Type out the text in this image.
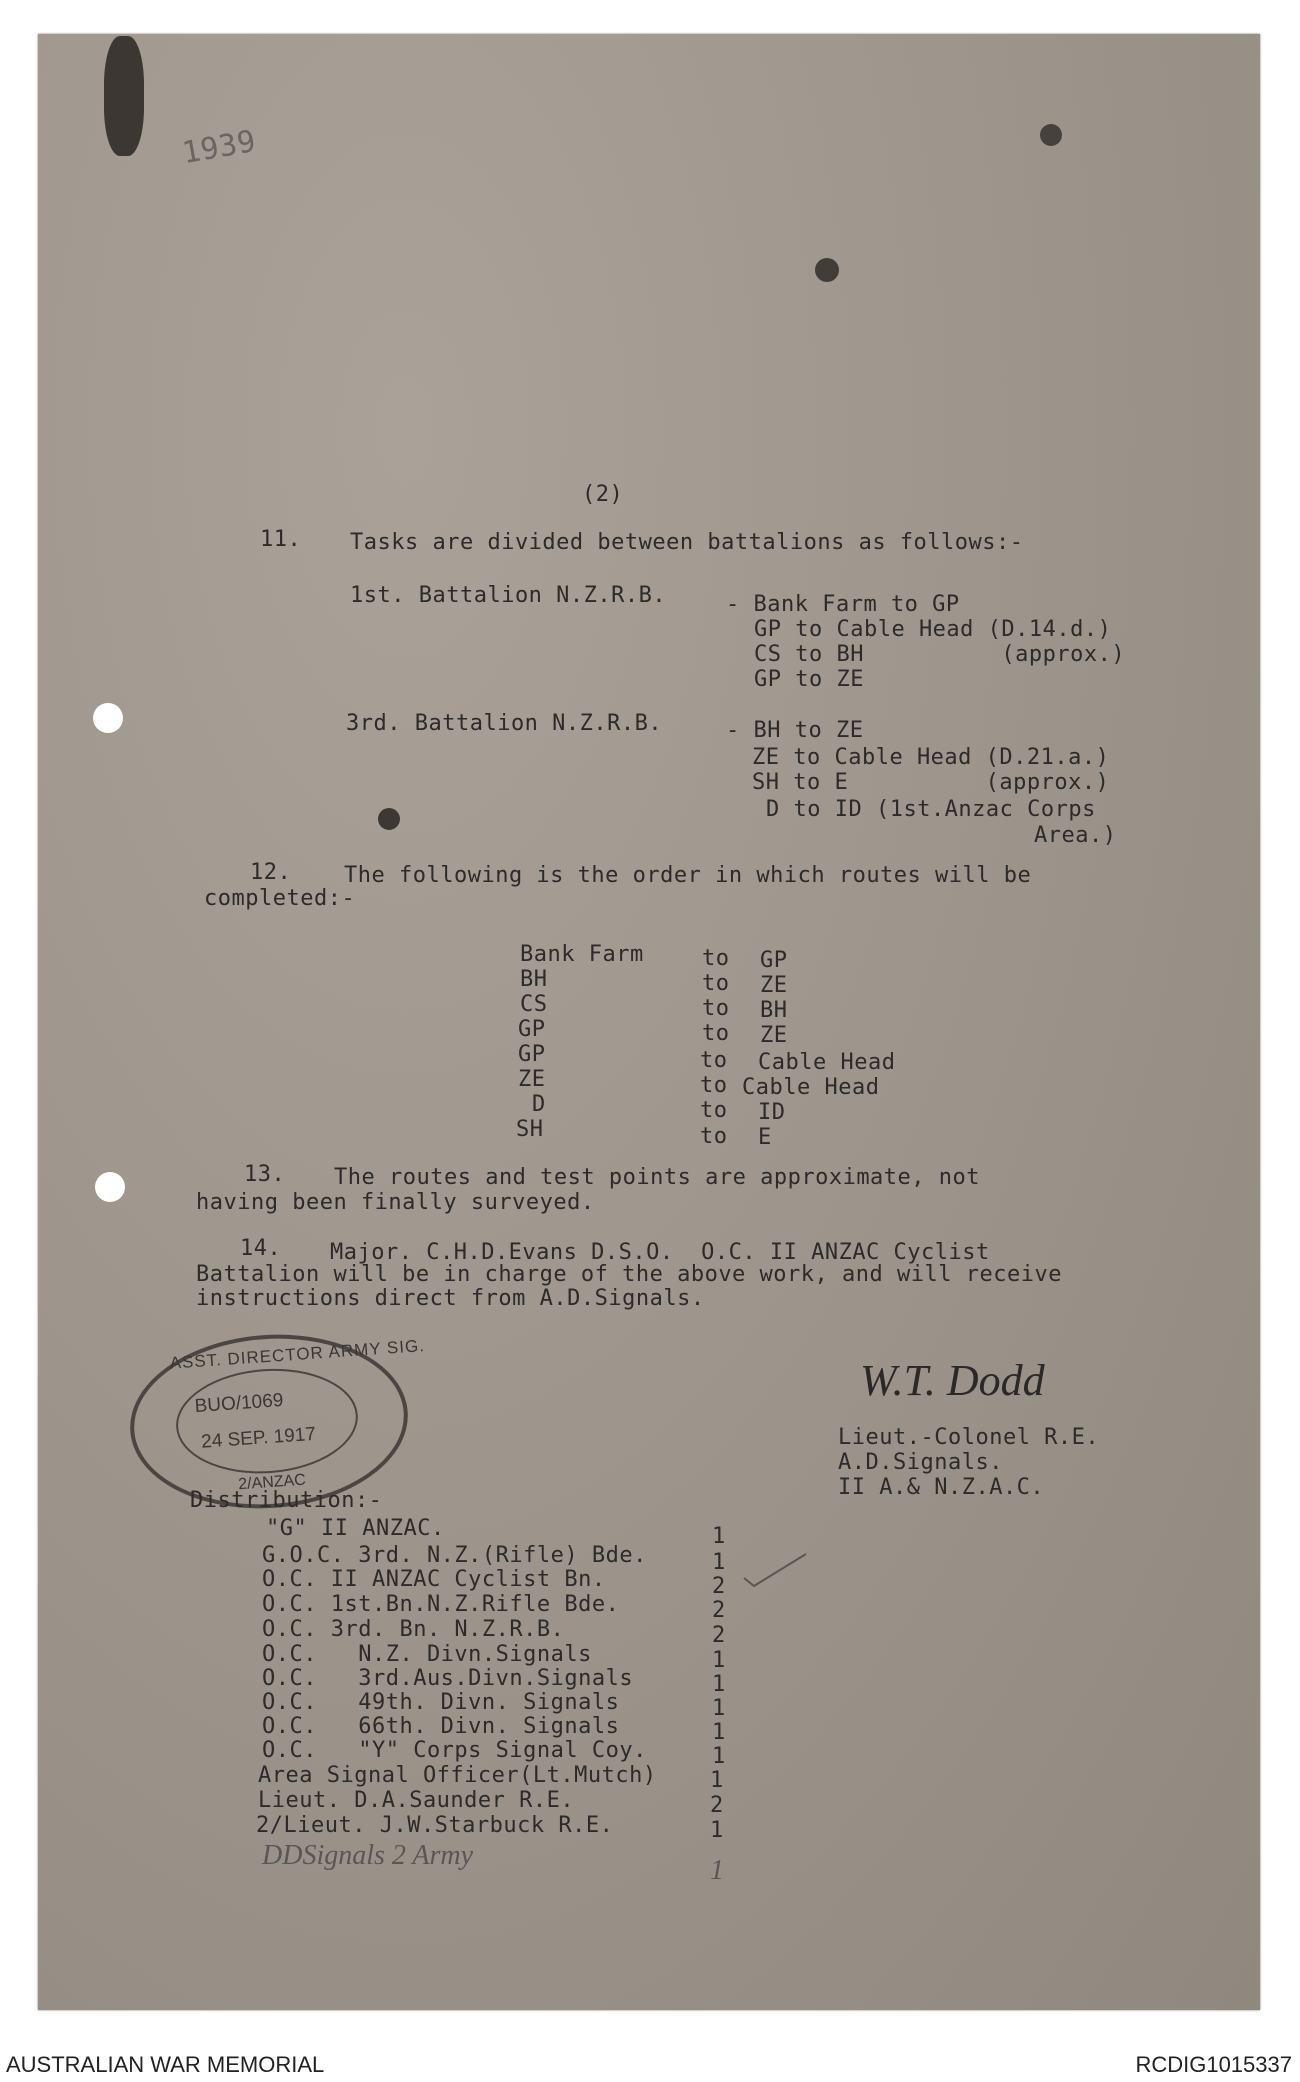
1939
(2)
11. Tasks are divided between battalions as follows:-
1st. Battalion N.Z.R.B.	- Bank Farm to GP
GP to Cable Head (D.14.d.)
CS to BH          (approx.)
GP to ZE
3rd. Battalion N.Z.R.B.	- BH to ZE
ZE to Cable Head (D.21.a.)
SH to E          (approx.)
D to ID (1st.Anzac Corps
Area.)
12. The following is the order in which routes will be
completed:-
Bank Farm	to GP
BH	to ZE
CS	to BH
GP	to ZE
GP	to Cable Head
ZE	to Cable Head
D	to ID
SH	to E
13. The routes and test points are approximate, not
having been finally surveyed.
14. Major. C.H.D.Evans D.S.O.  O.C. II ANZAC Cyclist
Battalion will be in charge of the above work, and will receive
instructions direct from A.D.Signals.
W.T. Dodd
Lieut.-Colonel R.E.
A.D.Signals.
II A.& N.Z.A.C.
ASST. DIRECTOR ARMY SIG.
BUO/1069
24 SEP. 1917
2/ANZAC
Distribution:-
"G" II ANZAC.	1
G.O.C. 3rd. N.Z.(Rifle) Bde.	1
O.C. II ANZAC Cyclist Bn.	2
O.C. 1st.Bn.N.Z.Rifle Bde.	2
O.C. 3rd. Bn. N.Z.R.B.	2
O.C.   N.Z. Divn.Signals	1
O.C.   3rd.Aus.Divn.Signals	1
O.C.   49th. Divn. Signals	1
O.C.   66th. Divn. Signals	1
O.C.   "Y" Corps Signal Coy.	1
Area Signal Officer(Lt.Mutch) 1
Lieut. D.A.Saunder R.E.	2
2/Lieut. J.W.Starbuck R.E.	1
DDSignals 2 Army	1
AUSTRALIAN WAR MEMORIAL	RCDIG1015337
